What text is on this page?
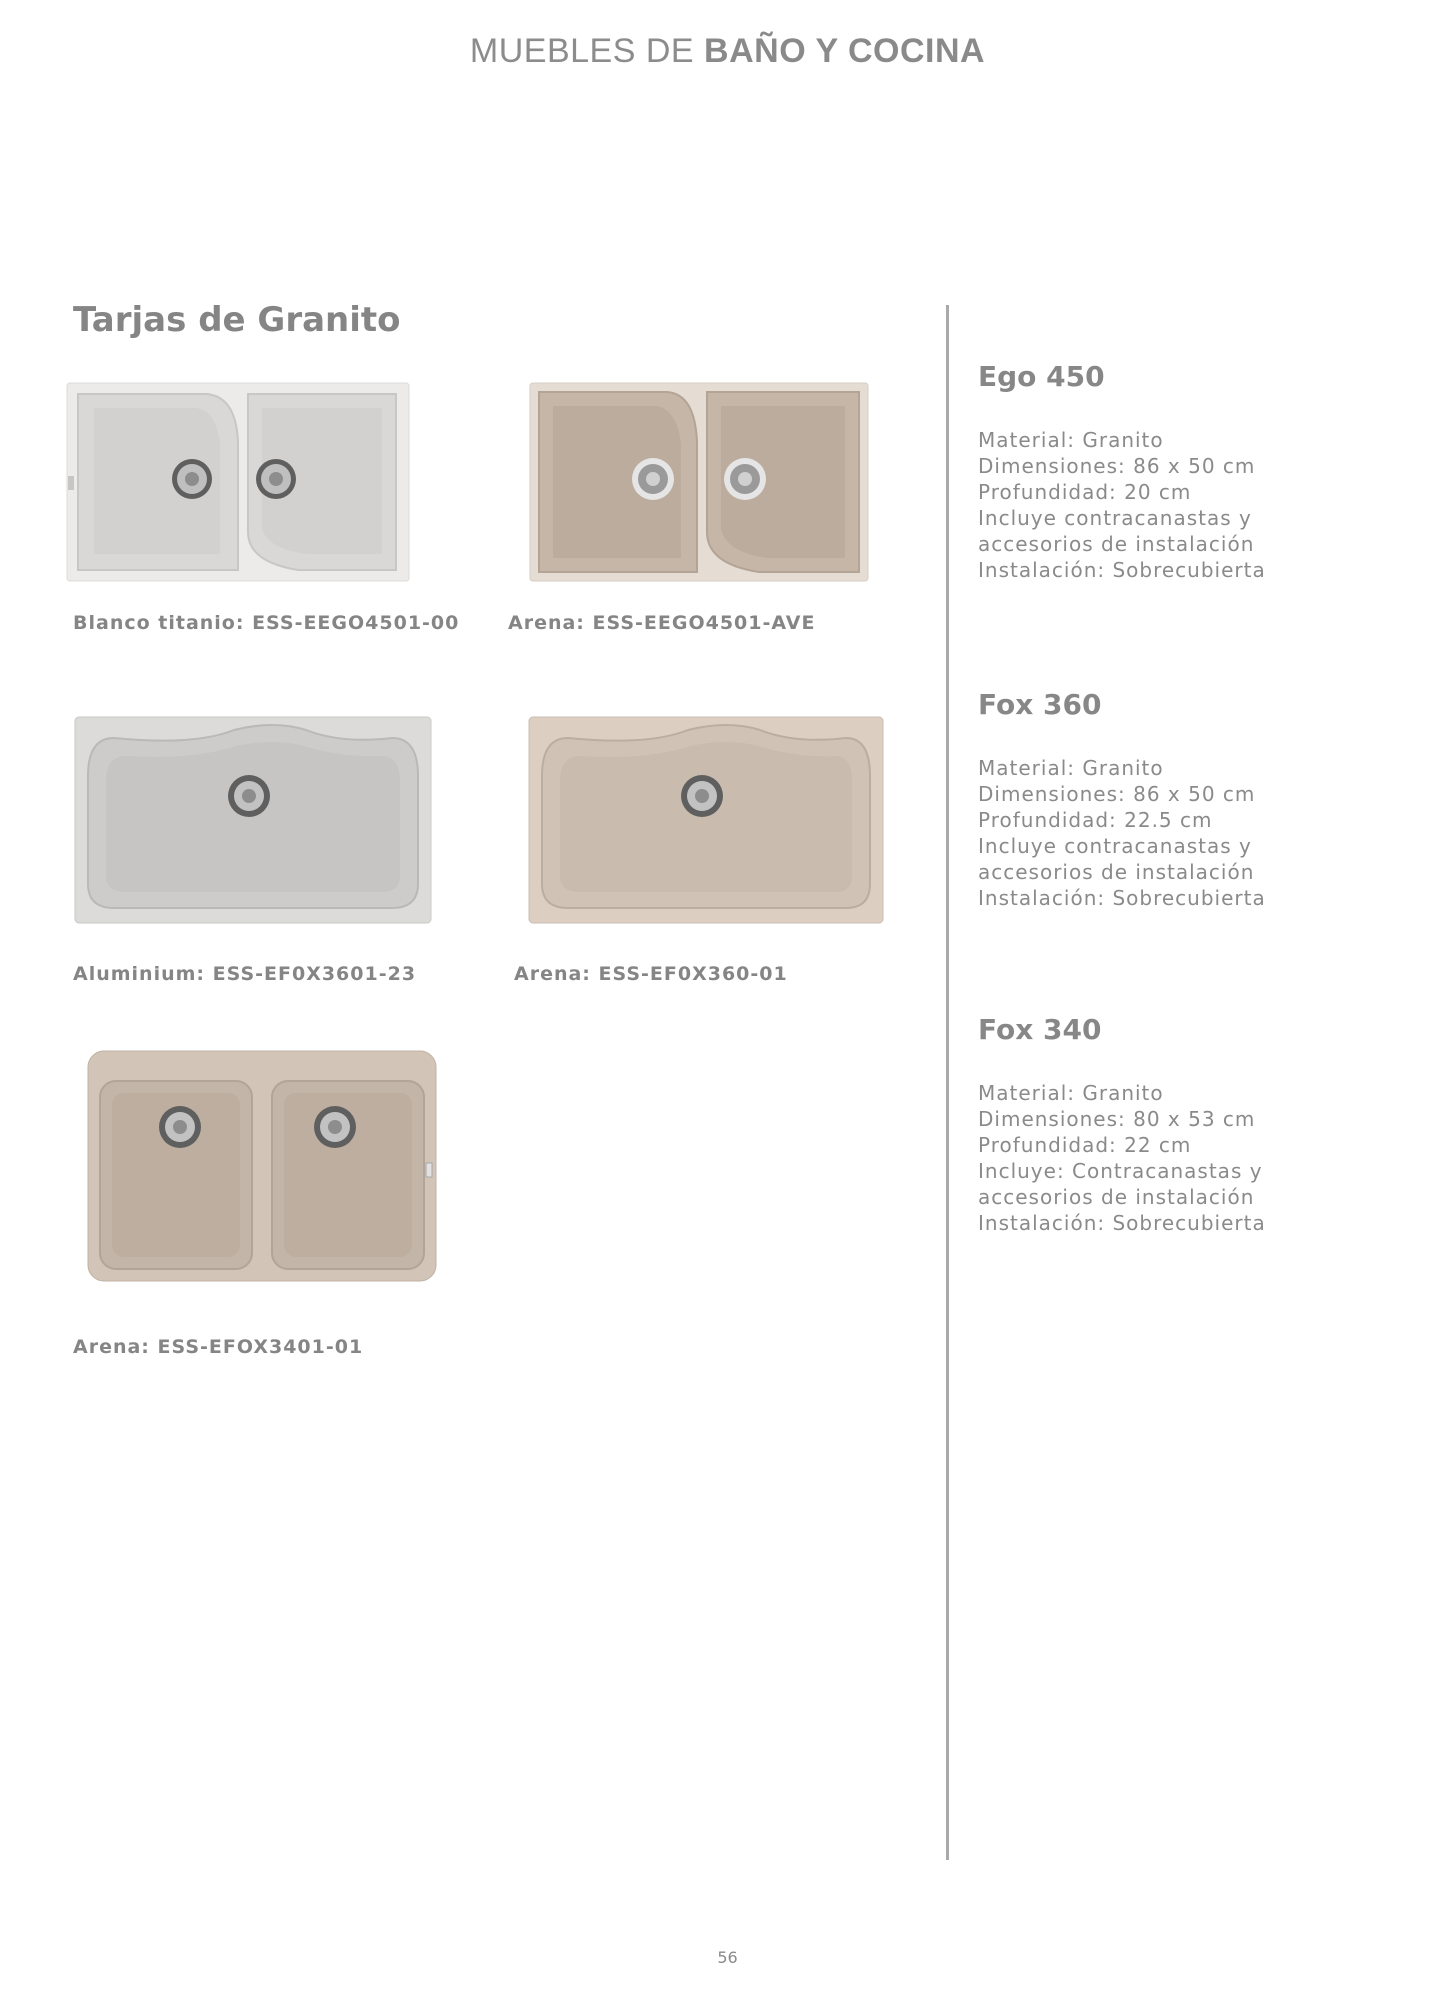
MUEBLES DE BAÑO Y COCINA
Tarjas de Granito

Blanco titanio: ESS-EEGO4501-00	Arena: ESS-EEGO4501-AVE

Aluminium: ESS-EF0X3601-23	Arena: ESS-EF0X360-01

Arena: ESS-EFOX3401-01

Ego 450
Material: Granito
Dimensiones: 86 x 50 cm
Profundidad: 20 cm
Incluye contracanastas y
accesorios de instalación
Instalación: Sobrecubierta
Fox 360
Material: Granito
Dimensiones: 86 x 50 cm
Profundidad: 22.5 cm
Incluye contracanastas y
accesorios de instalación
Instalación: Sobrecubierta
Fox 340
Material: Granito
Dimensiones: 80 x 53 cm
Profundidad: 22 cm
Incluye: Contracanastas y
accesorios de instalación
Instalación: Sobrecubierta
56
